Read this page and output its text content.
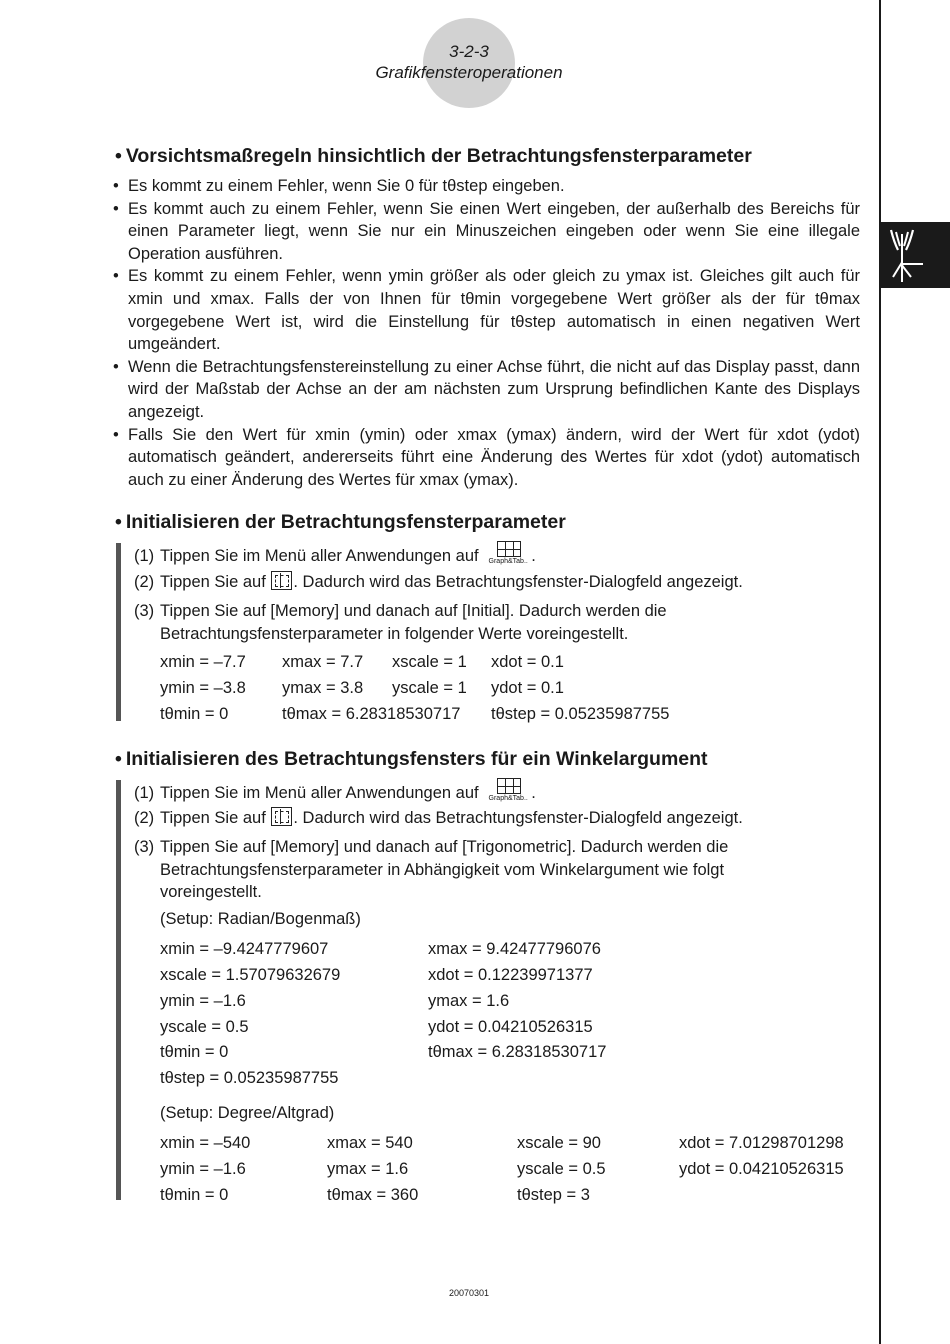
3-2-3
Grafikfensteroperationen
• Vorsichtsmaßregeln hinsichtlich der Betrachtungsfensterparameter
• Es kommt zu einem Fehler, wenn Sie 0 für tθstep eingeben.
• Es kommt auch zu einem Fehler, wenn Sie einen Wert eingeben, der außerhalb des Bereichs für einen Parameter liegt, wenn Sie nur ein Minuszeichen eingeben oder wenn Sie eine illegale Operation ausführen.
• Es kommt zu einem Fehler, wenn ymin größer als oder gleich zu ymax ist. Gleiches gilt auch für xmin und xmax. Falls der von Ihnen für tθmin vorgegebene Wert größer als der für tθmax vorgegebene Wert ist, wird die Einstellung für tθstep automatisch in einen negativen Wert umgeändert.
• Wenn die Betrachtungsfenstereinstellung zu einer Achse führt, die nicht auf das Display passt, dann wird der Maßstab der Achse an der am nächsten zum Ursprung befindlichen Kante des Displays angezeigt.
• Falls Sie den Wert für xmin (ymin) oder xmax (ymax) ändern, wird der Wert für xdot (ydot) automatisch geändert, andererseits führt eine Änderung des Wertes für xdot (ydot) automatisch auch zu einer Änderung des Wertes für xmax (ymax).
• Initialisieren der Betrachtungsfensterparameter
(1) Tippen Sie im Menü aller Anwendungen auf Graph&Tab.. .
(2) Tippen Sie auf . Dadurch wird das Betrachtungsfenster-Dialogfeld angezeigt.
(3) Tippen Sie auf [Memory] und danach auf [Initial]. Dadurch werden die
Betrachtungsfensterparameter in folgender Werte voreingestellt.
xmin = –7.7 xmax = 7.7 xscale = 1 xdot = 0.1
ymin = –3.8 ymax = 3.8 yscale = 1 ydot = 0.1
tθmin = 0	tθmax = 6.28318530717 tθstep = 0.05235987755
• Initialisieren des Betrachtungsfensters für ein Winkelargument
(1) Tippen Sie im Menü aller Anwendungen auf Graph&Tab.. .
(2) Tippen Sie auf . Dadurch wird das Betrachtungsfenster-Dialogfeld angezeigt.
(3) Tippen Sie auf [Memory] und danach auf [Trigonometric]. Dadurch werden die
Betrachtungsfensterparameter in Abhängigkeit vom Winkelargument wie folgt
voreingestellt.
(Setup: Radian/Bogenmaß)
xmin = –9.4247779607	xmax = 9.42477796076
xscale = 1.57079632679	xdot = 0.12239971377
ymin = –1.6	ymax = 1.6
yscale = 0.5	ydot = 0.04210526315
tθmin = 0	tθmax = 6.28318530717
tθstep = 0.05235987755
(Setup: Degree/Altgrad)
xmin = –540	xmax = 540	xscale = 90	xdot = 7.01298701298
ymin = –1.6	ymax = 1.6	yscale = 0.5	ydot = 0.04210526315
tθmin = 0	tθmax = 360	tθstep = 3
20070301
